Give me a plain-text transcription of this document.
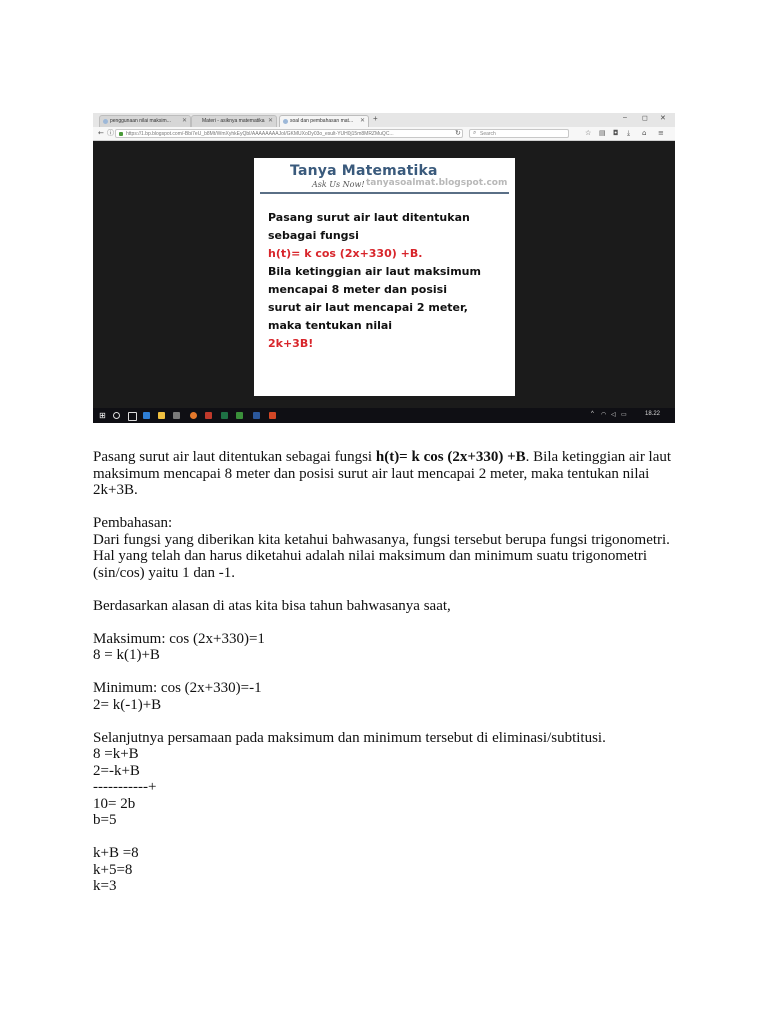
penggunaan nilai maksim... ✕	Materi - asiknya matematika ✕	soal dan pembahasan mat... ✕ +	– ◻ ✕
← ⓘ	https://1.bp.blogspot.com/-Bbi7eU_b8Mt/WmXyhkEyQbI/AAAAAAAAJoI/GKMUXoDy03o_esult-YUH0j15m8MRZMuQC...	↻ ⌕ Search	☆ ▤ ◘ ⤓ ⌂ ≡
Tanya Matematika
Ask Us Now! tanyasoalmat.blogspot.com
Pasang surut air laut ditentukan
sebagai fungsi
h(t)= k cos (2x+330) +B.
Bila ketinggian air laut maksimum
mencapai 8 meter dan posisi
surut air laut mencapai 2 meter,
maka tentukan nilai
2k+3B!
⊞	^ ◠ ◁ ▭	18.22

Pasang surut air laut ditentukan sebagai fungsi h(t)= k cos (2x+330) +B. Bila ketinggian air laut maksimum mencapai 8 meter dan posisi surut air laut mencapai 2 meter, maka tentukan nilai 2k+3B.

Pembahasan:

Dari fungsi yang diberikan kita ketahui bahwasanya, fungsi tersebut berupa fungsi trigonometri. Hal yang telah dan harus diketahui adalah nilai maksimum dan minimum suatu trigonometri (sin/cos) yaitu 1 dan -1.

Berdasarkan alasan di atas kita bisa tahun bahwasanya saat,

Maksimum: cos (2x+330)=1

8 = k(1)+B

Minimum: cos (2x+330)=-1

2= k(-1)+B

Selanjutnya persamaan pada maksimum dan minimum tersebut di eliminasi/subtitusi.

8 =k+B

2=-k+B

-----------+

10= 2b

b=5

k+B =8

k+5=8

k=3
